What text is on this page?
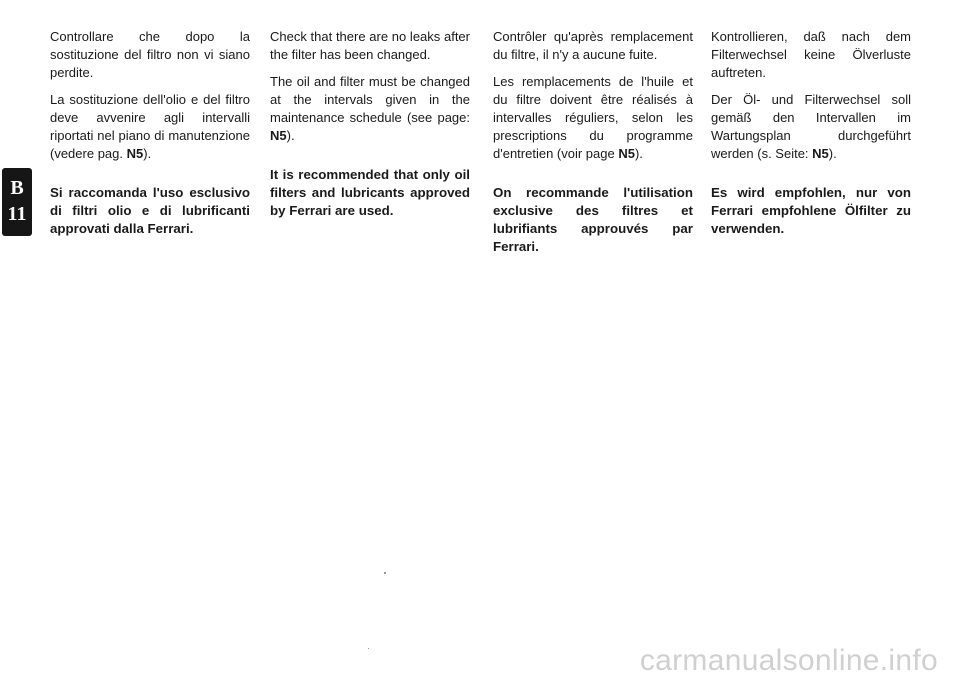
B
11

Controllare che dopo la sostituzione del filtro non vi siano perdite.

La sostituzione dell'olio e del filtro deve avvenire agli intervalli riportati nel piano di manutenzione (vedere pag. N5).

Si raccomanda l'uso esclusivo di filtri olio e di lubrificanti approvati dalla Ferrari.

Check that there are no leaks after the filter has been changed.

The oil and filter must be changed at the intervals given in the maintenance schedule (see page: N5).

It is recommended that only oil filters and lubricants approved by Ferrari are used.

Contrôler qu'après remplacement du filtre, il n'y a aucune fuite.

Les remplacements de l'huile et du filtre doivent être réalisés à intervalles réguliers, selon les prescriptions du programme d'entretien (voir page N5).

On recommande l'utilisation exclusive des filtres et lubrifiants approuvés par Ferrari.

Kontrollieren, daß nach dem Filterwechsel keine Ölverluste auftreten.

Der Öl- und Filterwechsel soll gemäß den Intervallen im Wartungsplan durchgeführt werden (s. Seite: N5).

Es wird empfohlen, nur von Ferrari empfohlene Ölfilter zu verwenden.

carmanualsonline.info
